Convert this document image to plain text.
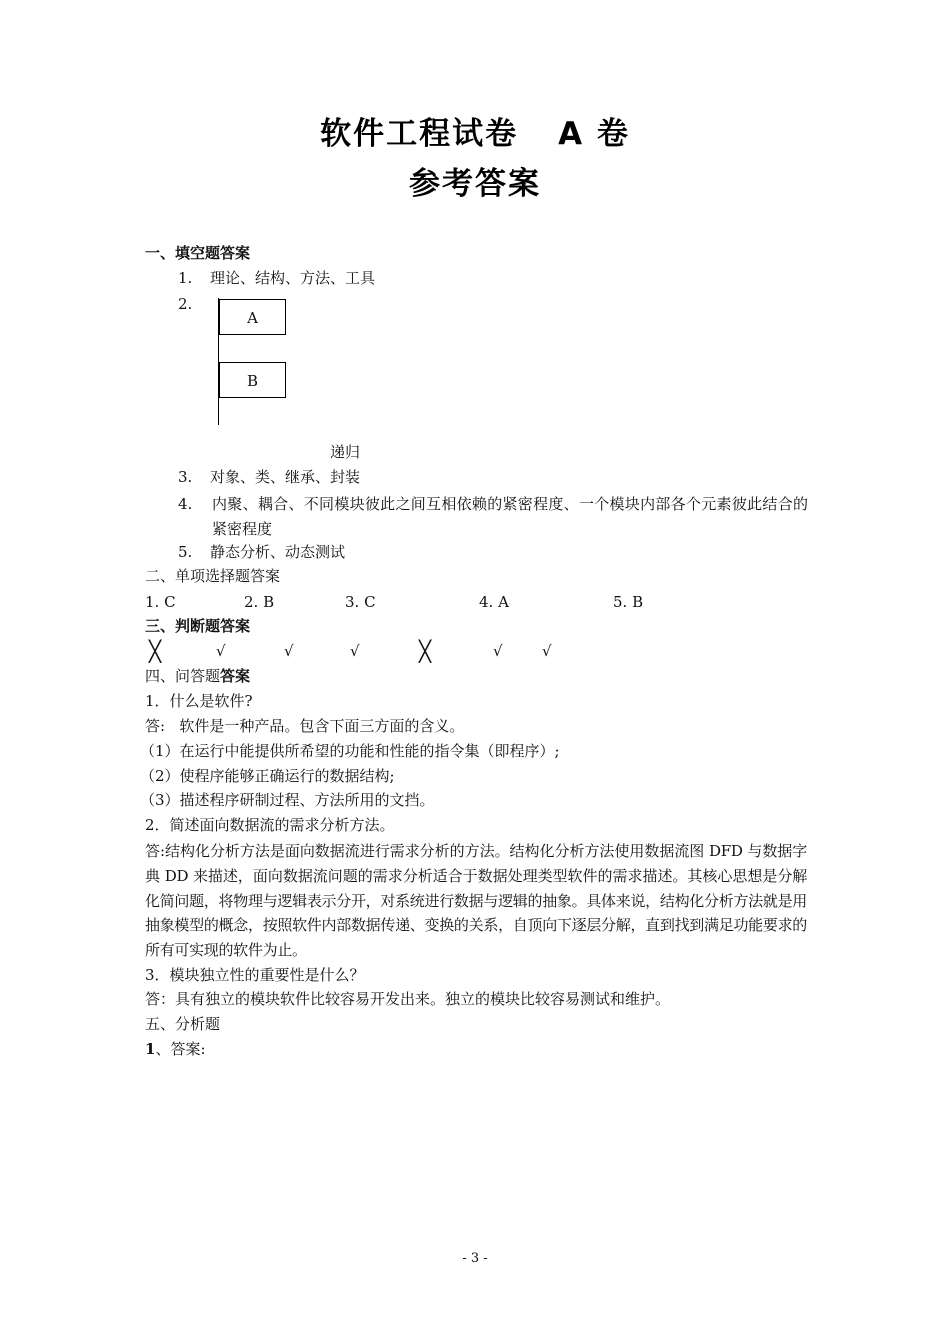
软件工程试卷 A 卷
参考答案
一、填空题答案
1. 理论、结构、方法、工具
2.
A
B
递归
3. 对象、类、继承、封装
4.	内聚、耦合、不同模块彼此之间互相依赖的紧密程度、一个模块内部各个元素彼此结合的紧密程度
5. 静态分析、动态测试
二、单项选择题答案
1. C	2. B	3. C	4. A	5. B
三、判断题答案
╳	√	√	√	╳	√	√
四、问答题答案
1．什么是软件?
答:   软件是一种产品。包含下面三方面的含义。
（1）在运行中能提供所希望的功能和性能的指令集（即程序）;
（2）使程序能够正确运行的数据结构;
（3）描述程序研制过程、方法所用的文挡。
2．简述面向数据流的需求分析方法。
答:结构化分析方法是面向数据流进行需求分析的方法。结构化分析方法使用数据流图 DFD 与数据字典 DD 来描述，面向数据流问题的需求分析适合于数据处理类型软件的需求描述。其核心思想是分解化简问题，将物理与逻辑表示分开，对系统进行数据与逻辑的抽象。具体来说，结构化分析方法就是用抽象模型的概念，按照软件内部数据传递、变换的关系，自顶向下逐层分解，直到找到满足功能要求的所有可实现的软件为止。
3．模块独立性的重要性是什么？
答：具有独立的模块软件比较容易开发出来。独立的模块比较容易测试和维护。
五、分析题
1、答案:
- 3 -
